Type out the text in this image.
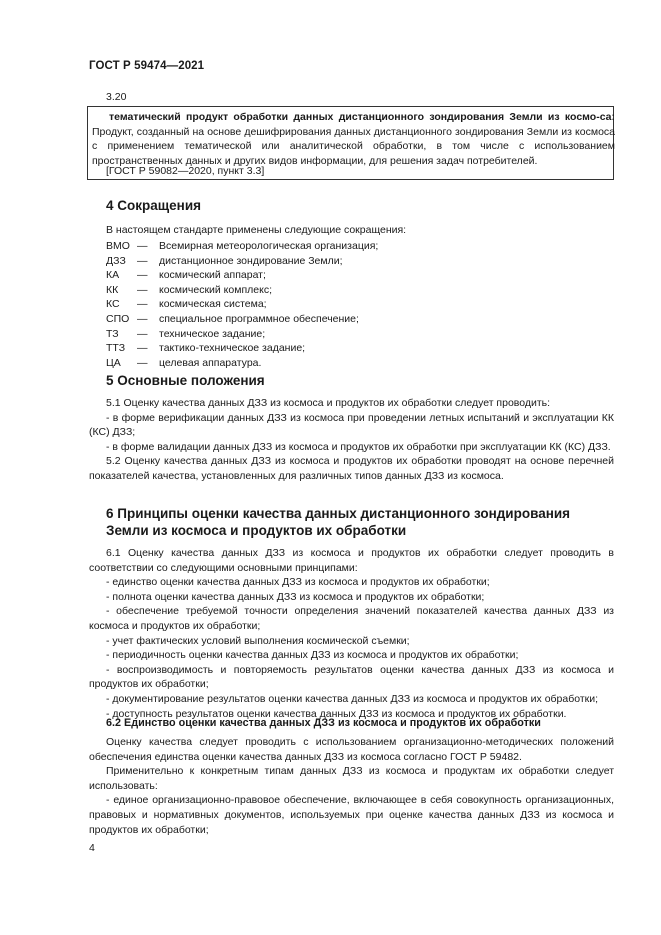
ГОСТ Р 59474—2021
3.20
тематический продукт обработки данных дистанционного зондирования Земли из космо-са: Продукт, созданный на основе дешифрирования данных дистанционного зондирования Земли из космоса с применением тематической или аналитической обработки, в том числе с использованием пространственных данных и других видов информации, для решения задач потребителей.
[ГОСТ Р 59082—2020, пункт 3.3]
4 Сокращения
В настоящем стандарте применены следующие сокращения:
ВМО — Всемирная метеорологическая организация;
ДЗЗ — дистанционное зондирование Земли;
КА — космический аппарат;
КК — космический комплекс;
КС — космическая система;
СПО — специальное программное обеспечение;
ТЗ — техническое задание;
ТТЗ — тактико-техническое задание;
ЦА — целевая аппаратура.
5 Основные положения

5.1 Оценку качества данных ДЗЗ из космоса и продуктов их обработки следует проводить:

- в форме верификации данных ДЗЗ из космоса при проведении летных испытаний и эксплуатации КК (КС) ДЗЗ;

- в форме валидации данных ДЗЗ из космоса и продуктов их обработки при эксплуатации КК (КС) ДЗЗ.

5.2 Оценку качества данных ДЗЗ из космоса и продуктов их обработки проводят на основе перечней показателей качества, установленных для различных типов данных ДЗЗ из космоса.

6 Принципы оценки качества данных дистанционного зондирования Земли из космоса и продуктов их обработки

6.1 Оценку качества данных ДЗЗ из космоса и продуктов их обработки следует проводить в соответствии со следующими основными принципами:

- единство оценки качества данных ДЗЗ из космоса и продуктов их обработки;

- полнота оценки качества данных ДЗЗ из космоса и продуктов их обработки;

- обеспечение требуемой точности определения значений показателей качества данных ДЗЗ из космоса и продуктов их обработки;

- учет фактических условий выполнения космической съемки;

- периодичность оценки качества данных ДЗЗ из космоса и продуктов их обработки;

- воспроизводимость и повторяемость результатов оценки качества данных ДЗЗ из космоса и продуктов их обработки;

- документирование результатов оценки качества данных ДЗЗ из космоса и продуктов их обработки;

- доступность результатов оценки качества данных ДЗЗ из космоса и продуктов их обработки.

6.2 Единство оценки качества данных ДЗЗ из космоса и продуктов их обработки

Оценку качества следует проводить с использованием организационно-методических положений обеспечения единства оценки качества данных ДЗЗ из космоса согласно ГОСТ Р 59482.

Применительно к конкретным типам данных ДЗЗ из космоса и продуктам их обработки следует использовать:

- единое организационно-правовое обеспечение, включающее в себя совокупность организационных, правовых и нормативных документов, используемых при оценке качества данных ДЗЗ из космоса и продуктов их обработки;

4
